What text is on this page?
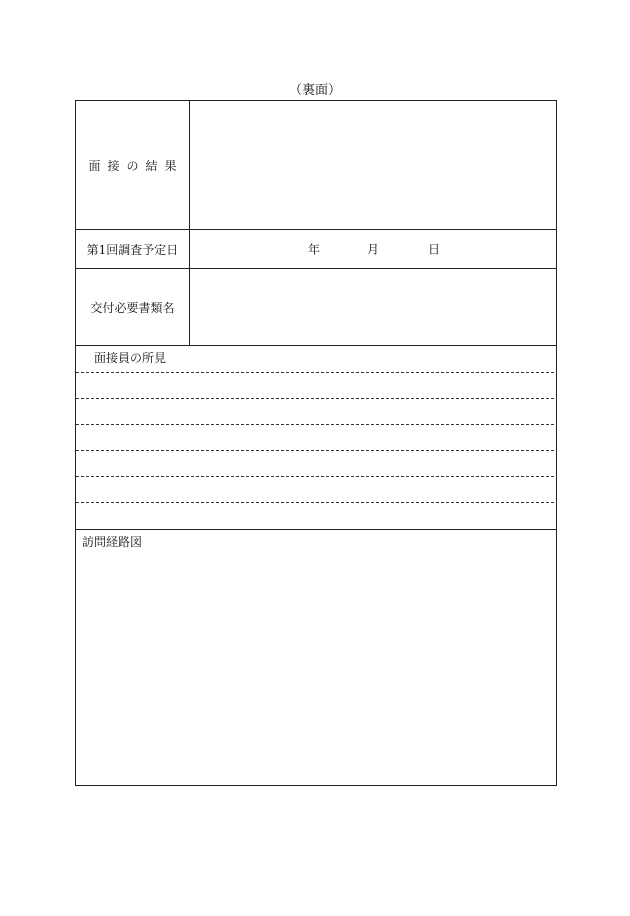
（裏面）
面接の結果
第1回調査予定日	年	月	日
交付必要書類名
面接員の所見
訪問経路図
